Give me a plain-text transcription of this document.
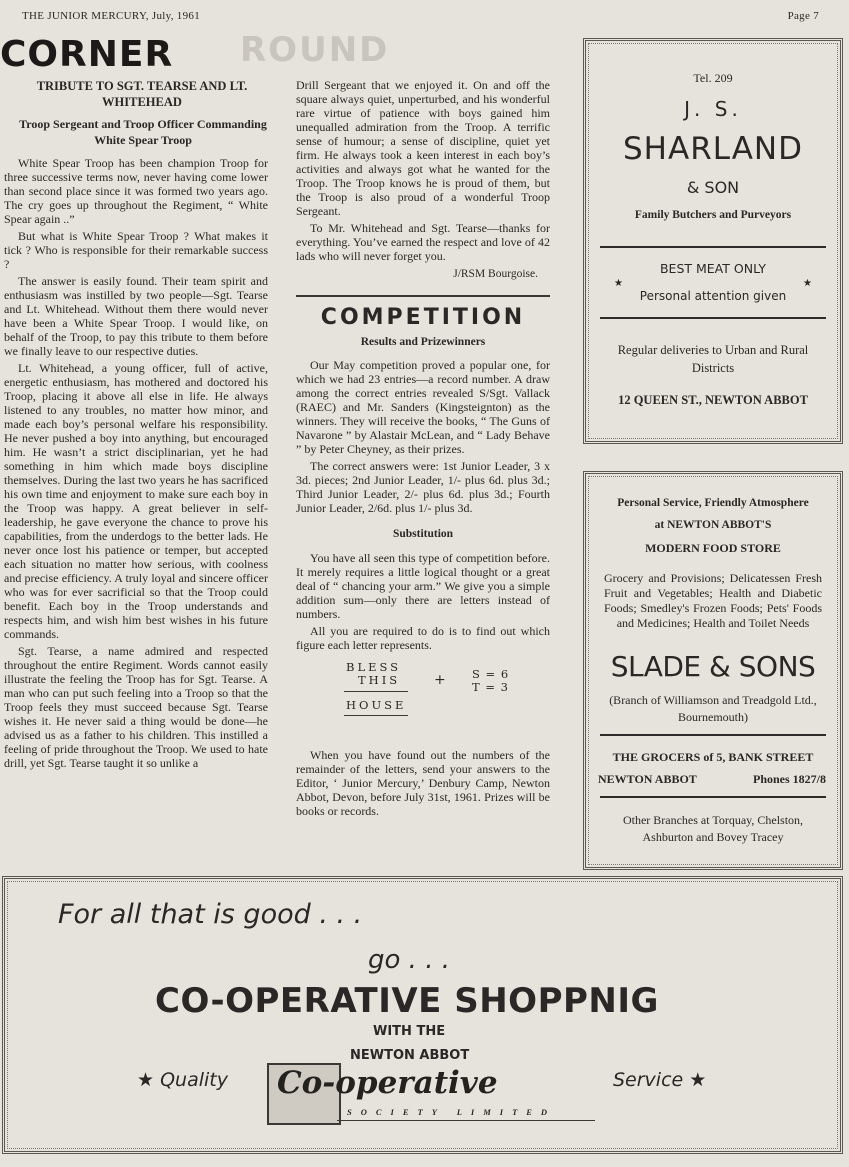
THE JUNIOR MERCURY, July, 1961	Page 7
ROUND
CORNER
TRIBUTE TO SGT. TEARSE AND LT. WHITEHEAD
Troop Sergeant and Troop Officer Commanding White Spear Troop

White Spear Troop has been champion Troop for three successive terms now, never having come lower than second place since it was formed two years ago. The cry goes up throughout the Regiment, “ White Spear again ..”

But what is White Spear Troop ? What makes it tick ? Who is responsible for their remarkable success ?

The answer is easily found. Their team spirit and enthusiasm was instilled by two people—Sgt. Tearse and Lt. Whitehead. Without them there would never have been a White Spear Troop. I would like, on behalf of the Troop, to pay this tribute to them before we finally leave to our respective duties.

Lt. Whitehead, a young officer, full of active, energetic enthusiasm, has mothered and doctored his Troop, placing it above all else in life. He always listened to any troubles, no matter how minor, and made each boy’s personal welfare his responsibility. He never pushed a boy into anything, but encouraged him. He wasn’t a strict disciplinarian, yet he had something in him which made boys discipline themselves. During the last two years he has sacrificed his own time and enjoyment to make sure each boy in the Troop was happy. A great believer in self-leadership, he gave everyone the chance to prove his capabilities, from the underdogs to the better lads. He never once lost his patience or temper, but accepted each situation no matter how serious, with coolness and precise efficiency. A truly loyal and sincere officer who was for ever sacrificial so that the Troop could benefit. Each boy in the Troop understands and respects him, and wish him best wishes in his future commands.

Sgt. Tearse, a name admired and respected throughout the entire Regiment. Words cannot easily illustrate the feeling the Troop has for Sgt. Tearse. A man who can put such feeling into a Troop so that the Troop feels they must succeed because Sgt. Tearse wishes it. He never said a thing would be done—he advised us as a father to his children. This instilled a feeling of pride throughout the Troop. We used to hate drill, yet Sgt. Tearse taught it so unlike a

Drill Sergeant that we enjoyed it. On and off the square always quiet, unperturbed, and his wonderful rare virtue of patience with boys gained him unequalled admiration from the Troop. A terrific sense of humour; a sense of discipline, quiet yet firm. He always took a keen interest in each boy’s activities and always got what he wanted for the Troop. The Troop knows he is proud of them, but the Troop is also proud of a wonderful Troop Sergeant.

To Mr. Whitehead and Sgt. Tearse—thanks for everything. You’ve earned the respect and love of 42 lads who will never forget you.

J/RSM Bourgoise.
COMPETITION
Results and Prizewinners

Our May competition proved a popular one, for which we had 23 entries—a record number. A draw among the correct entries revealed S/Sgt. Vallack (RAEC) and Mr. Sanders (Kingsteignton) as the winners. They will receive the books, “ The Guns of Navarone ” by Alastair McLean, and “ Lady Behave ” by Peter Cheyney, as their prizes.

The correct answers were: 1st Junior Leader, 3 x 3d. pieces; 2nd Junior Leader, 1/- plus 6d. plus 3d.; Third Junior Leader, 2/- plus 6d. plus 3d.; Fourth Junior Leader, 2/6d. plus 1/- plus 3d.

Substitution

You have all seen this type of competition before. It merely requires a little logical thought or a great deal of “ chancing your arm.” We give you a simple addition sum—only there are letters instead of numbers.

All you are required to do is to find out which figure each letter represents.

BLESS
THIS + S = 6
T = 3
HOUSE

When you have found out the numbers of the remainder of the letters, send your answers to the Editor, ‘ Junior Mercury,’ Denbury Camp, Newton Abbot, Devon, before July 31st, 1961. Prizes will be books or records.

Tel. 209
J. S.
SHARLAND
& SON
Family Butchers and Purveyors
BEST MEAT ONLY
★	★
Personal attention given
Regular deliveries to Urban and Rural Districts
12 QUEEN ST., NEWTON ABBOT
Personal Service, Friendly Atmosphere
at NEWTON ABBOT'S
MODERN FOOD STORE
Grocery and Provisions; Delicatessen Fresh Fruit and Vegetables; Health and Diabetic Foods; Smedley's Frozen Foods; Pets' Foods and Medicines; Health and Toilet Needs
SLADE & SONS
(Branch of Williamson and Treadgold Ltd., Bournemouth)
THE GROCERS of 5, BANK STREET
NEWTON ABBOT	Phones 1827/8
Other Branches at Torquay, Chelston, Ashburton and Bovey Tracey
For all that is good . . .
go . . .
CO-OPERATIVE SHOPPNIG
WITH THE
NEWTON ABBOT
★ Quality	Service ★
Co-operative
SOCIETY LIMITED
